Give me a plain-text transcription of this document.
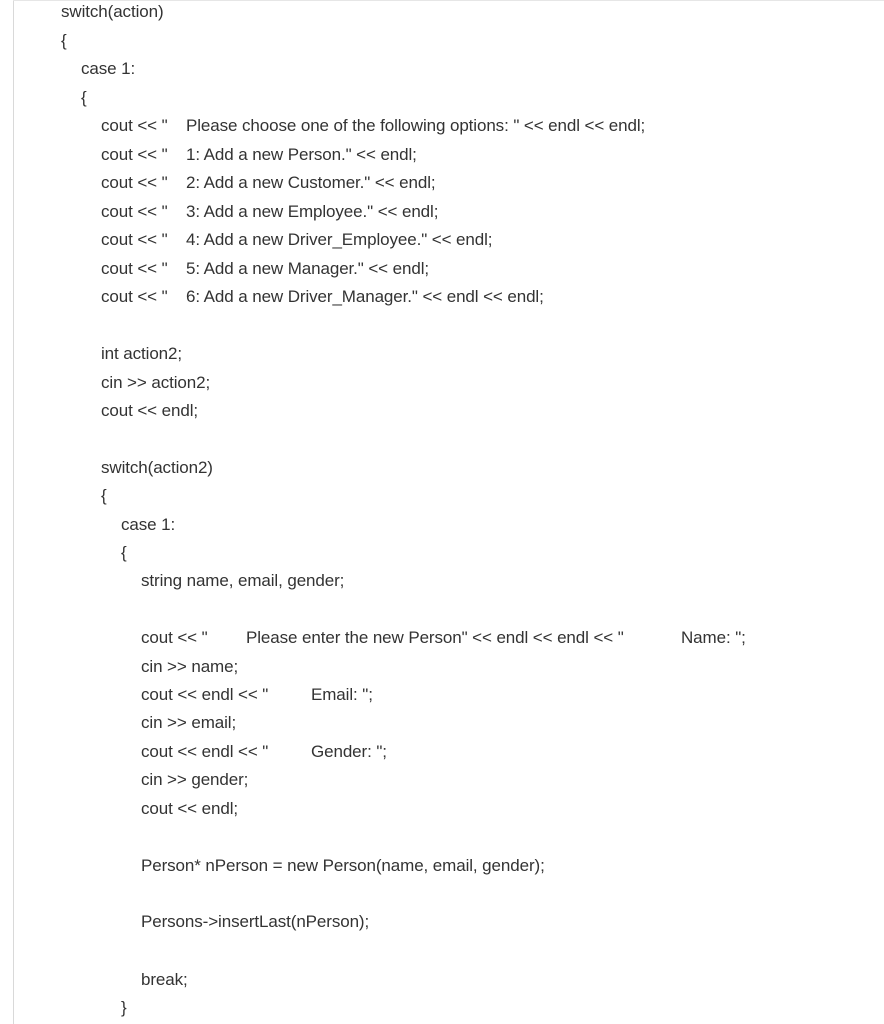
switch(action)
{
case 1:
{

cout << "

Please choose one of the following options: " << endl << endl;

cout << "

1: Add a new Person." << endl;

cout << "

2: Add a new Customer." << endl;

cout << "

3: Add a new Employee." << endl;

cout << "

4: Add a new Driver_Employee." << endl;

cout << "

5: Add a new Manager." << endl;

cout << "

6: Add a new Driver_Manager." << endl << endl;

int action2;
cin >> action2;
cout << endl;
switch(action2)
{
case 1:
{
string name, email, gender;

cout << "

Please enter the new Person" << endl << endl << "

	Name: ";

cin >> name;

cout << endl << "

	Email: ";

cin >> email;

cout << endl << "

	Gender: ";

cin >> gender;
cout << endl;
Person* nPerson = new Person(name, email, gender);
Persons->insertLast(nPerson);
break;
}
